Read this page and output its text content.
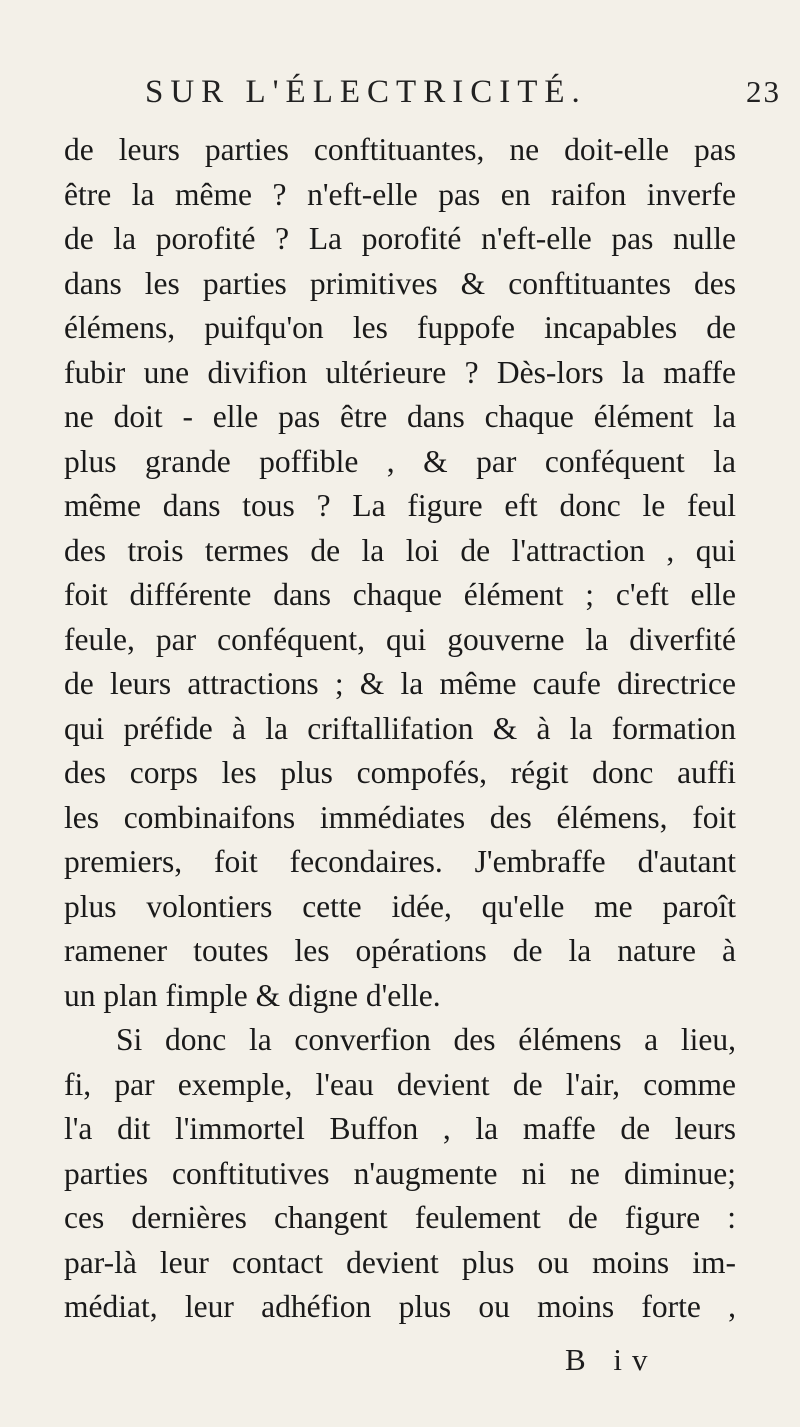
SUR L'ÉLECTRICITÉ.	23
de leurs parties conftituantes, ne doit-elle pas
être la même ? n'eft-elle pas en raifon inverfe
de la porofité ? La porofité n'eft-elle pas nulle
dans les parties primitives & conftituantes des
élémens, puifqu'on les fuppofe incapables de
fubir une divifion ultérieure ? Dès-lors la maffe
ne doit - elle pas être dans chaque élément la
plus grande poffible , & par conféquent la
même dans tous ? La figure eft donc le feul
des trois termes de la loi de l'attraction , qui
foit différente dans chaque élément ; c'eft elle
feule, par conféquent, qui gouverne la diverfité
de leurs attractions ; & la même caufe directrice
qui préfide à la criftallifation & à la formation
des corps les plus compofés, régit donc auffi
les combinaifons immédiates des élémens, foit
premiers, foit fecondaires. J'embraffe d'autant
plus volontiers cette idée, qu'elle me paroît
ramener toutes les opérations de la nature à
un plan fimple & digne d'elle.
Si donc la converfion des élémens a lieu,
fi, par exemple, l'eau devient de l'air, comme
l'a dit l'immortel Buffon , la maffe de leurs
parties conftitutives n'augmente ni ne diminue;
ces dernières changent feulement de figure :
par-là leur contact devient plus ou moins im-
médiat, leur adhéfion plus ou moins forte ,
B iv
